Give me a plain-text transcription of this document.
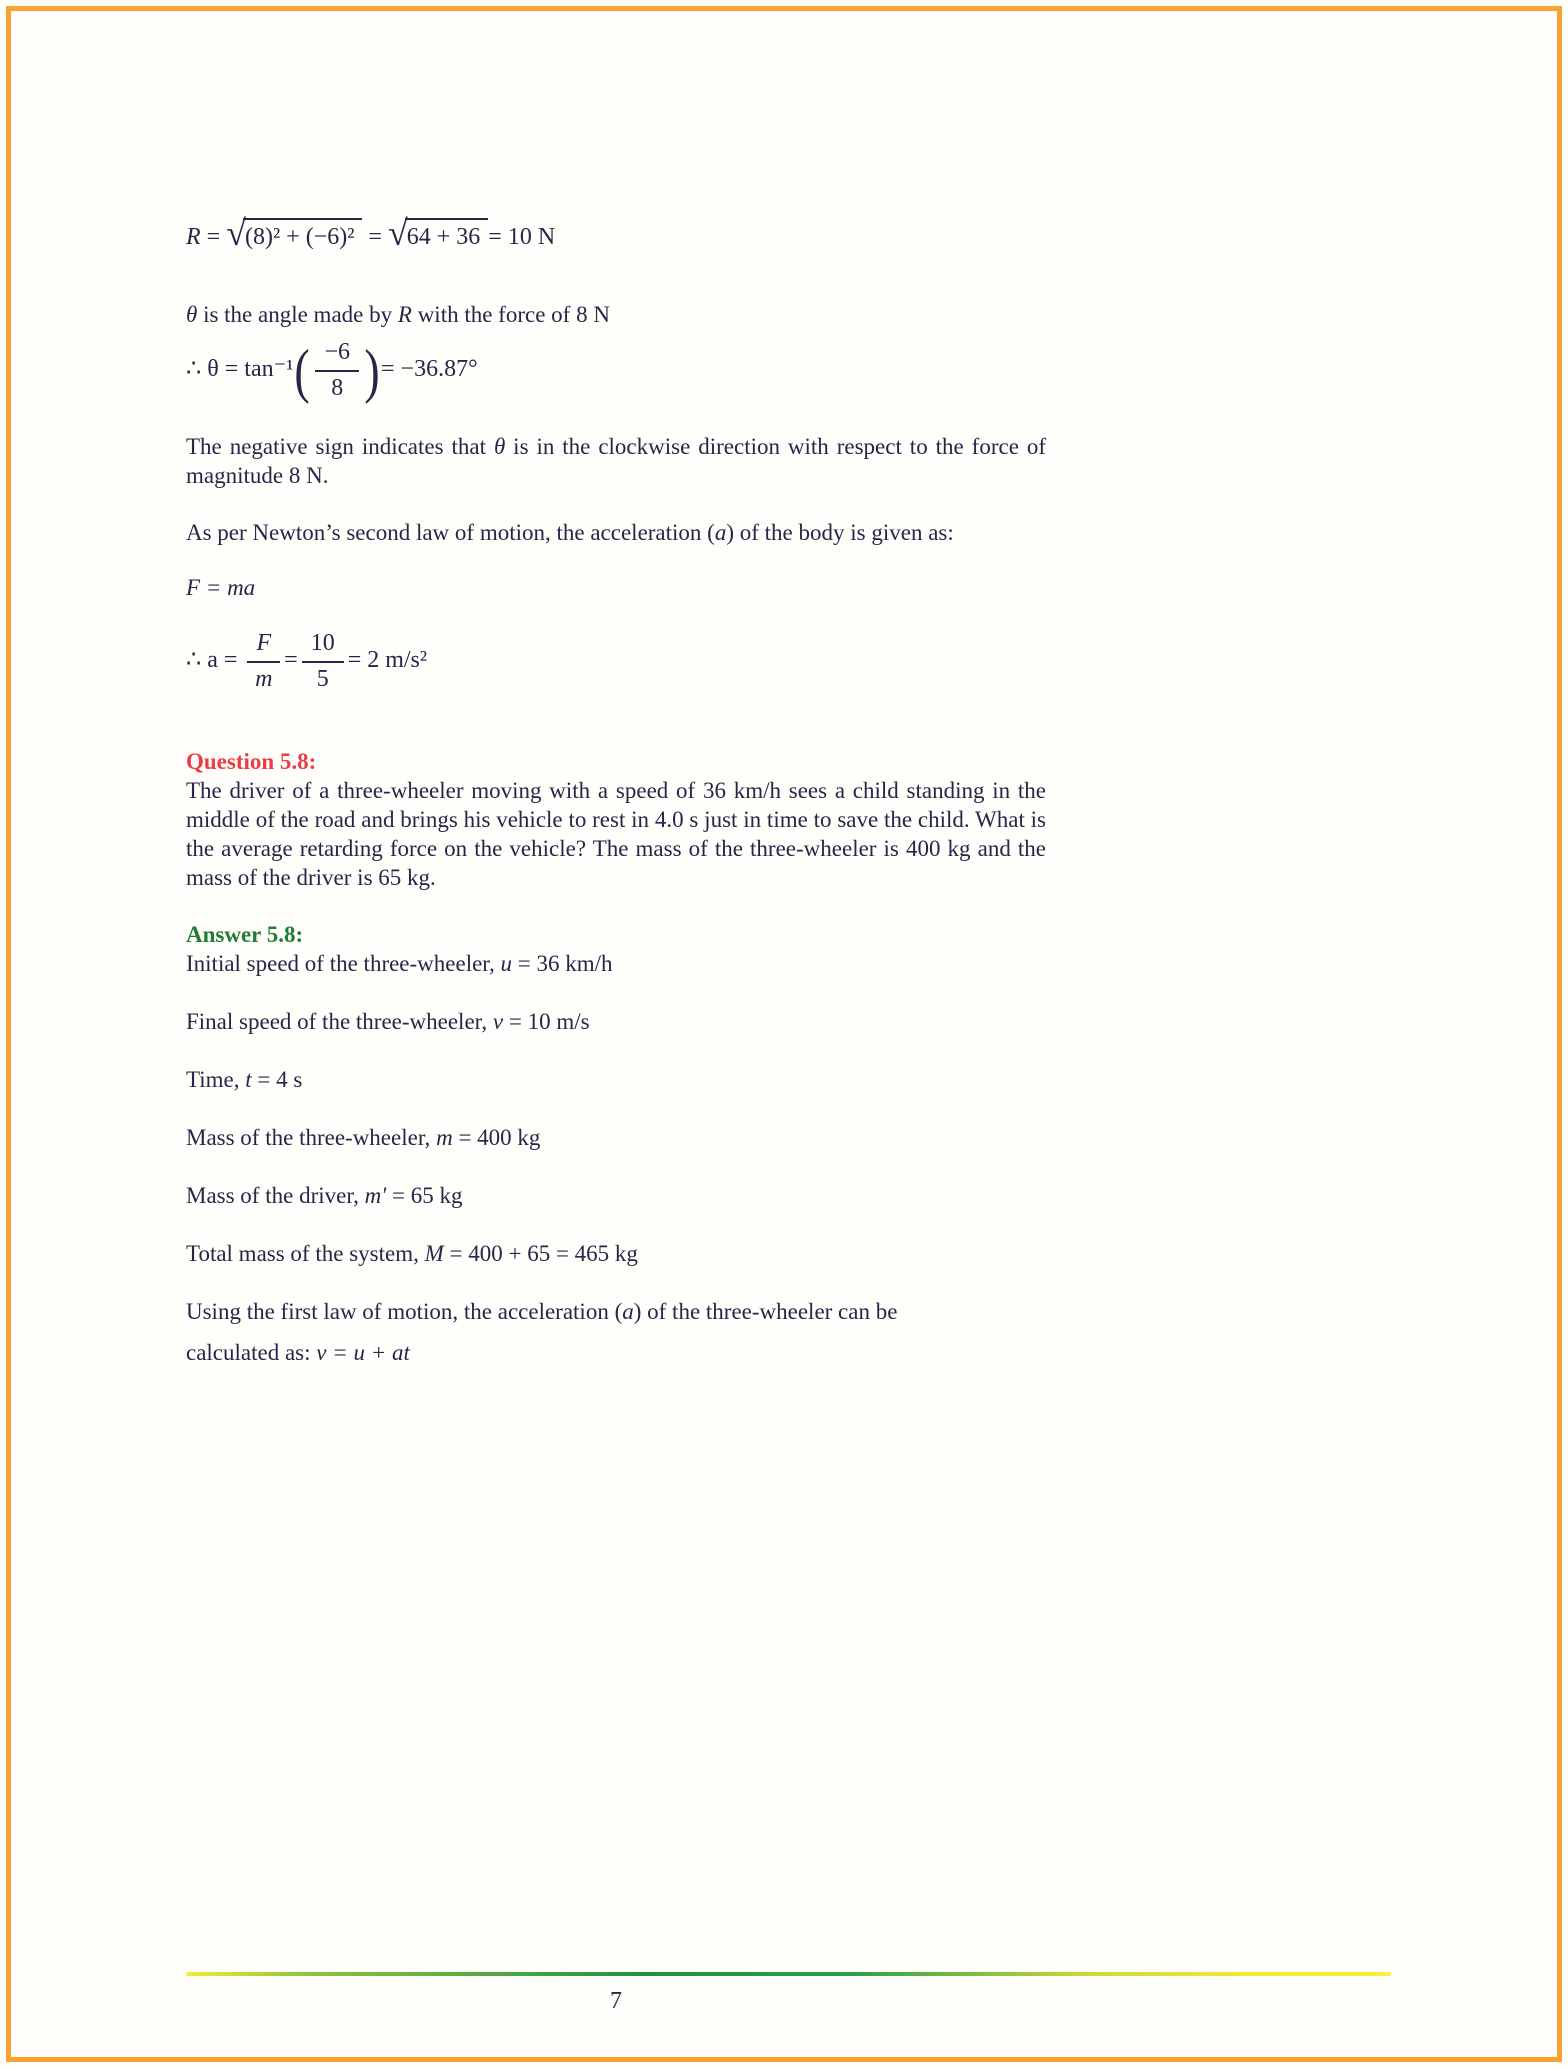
R = √ (8)² + (−6)² = √ 64 + 36 = 10 N

θ is the angle made by R with the force of 8 N

∴ $\theta = \tan^{-1}( \frac{-6}{8}$ )= −36.87°

The negative sign indicates that θ is in the clockwise direction with respect to the force of magnitude 8 N.

As per Newton’s second law of motion, the acceleration (a) of the body is given as:

F = ma

∴ $a = \frac{F}{m} = \frac{10}{5} = 2$ m/s²
Question 5.8:

The driver of a three-wheeler moving with a speed of 36 km/h sees a child standing in the middle of the road and brings his vehicle to rest in 4.0 s just in time to save the child. What is the average retarding force on the vehicle? The mass of the three-wheeler is 400 kg and the mass of the driver is 65 kg.

Answer 5.8:

Initial speed of the three-wheeler, u = 36 km/h

Final speed of the three-wheeler, v = 10 m/s

Time, t = 4 s

Mass of the three-wheeler, m = 400 kg

Mass of the driver, m′ = 65 kg

Total mass of the system, M = 400 + 65 = 465 kg

Using the first law of motion, the acceleration (a) of the three-wheeler can be

calculated as: v = u + at

7
